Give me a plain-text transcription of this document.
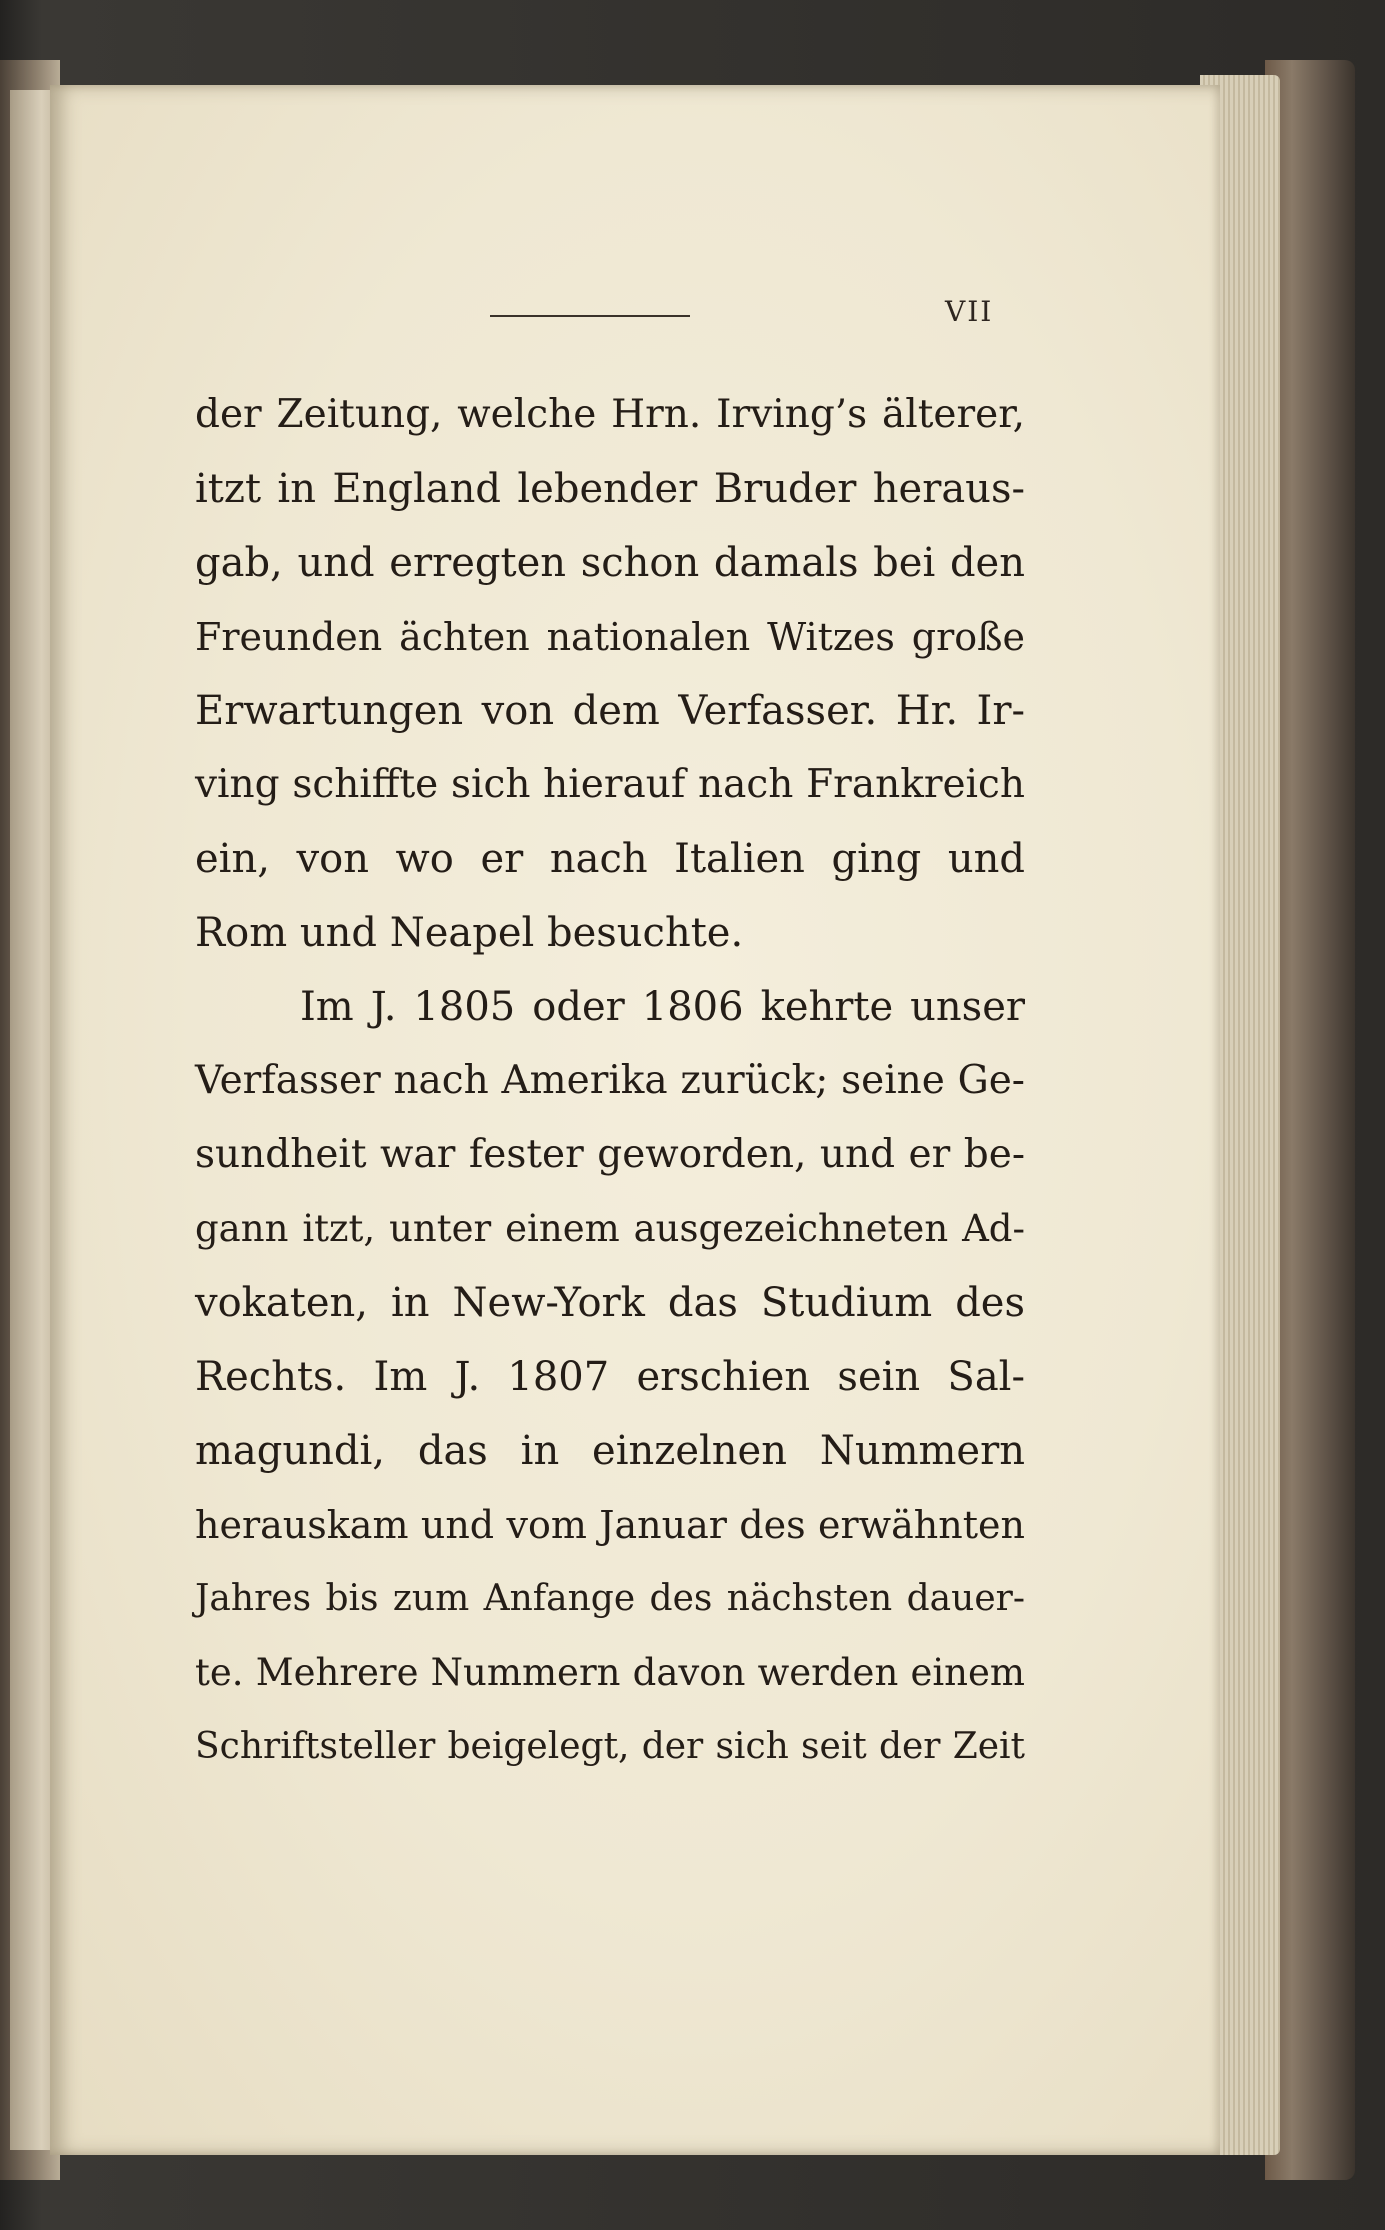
VII
der Zeitung, welche Hrn. Irving’s älterer,
itzt in England lebender Bruder heraus-
gab, und erregten schon damals bei den
Freunden ächten nationalen Witzes große
Erwartungen von dem Verfasser. Hr. Ir-
ving schiffte sich hierauf nach Frankreich
ein, von wo er nach Italien ging und
Rom und Neapel besuchte.
Im J. 1805 oder 1806 kehrte unser
Verfasser nach Amerika zurück; seine Ge-
sundheit war fester geworden, und er be-
gann itzt, unter einem ausgezeichneten Ad-
vokaten, in New-York das Studium des
Rechts. Im J. 1807 erschien sein Sal-
magundi, das in einzelnen Nummern
herauskam und vom Januar des erwähnten
Jahres bis zum Anfange des nächsten dauer-
te. Mehrere Nummern davon werden einem
Schriftsteller beigelegt, der sich seit der Zeit
